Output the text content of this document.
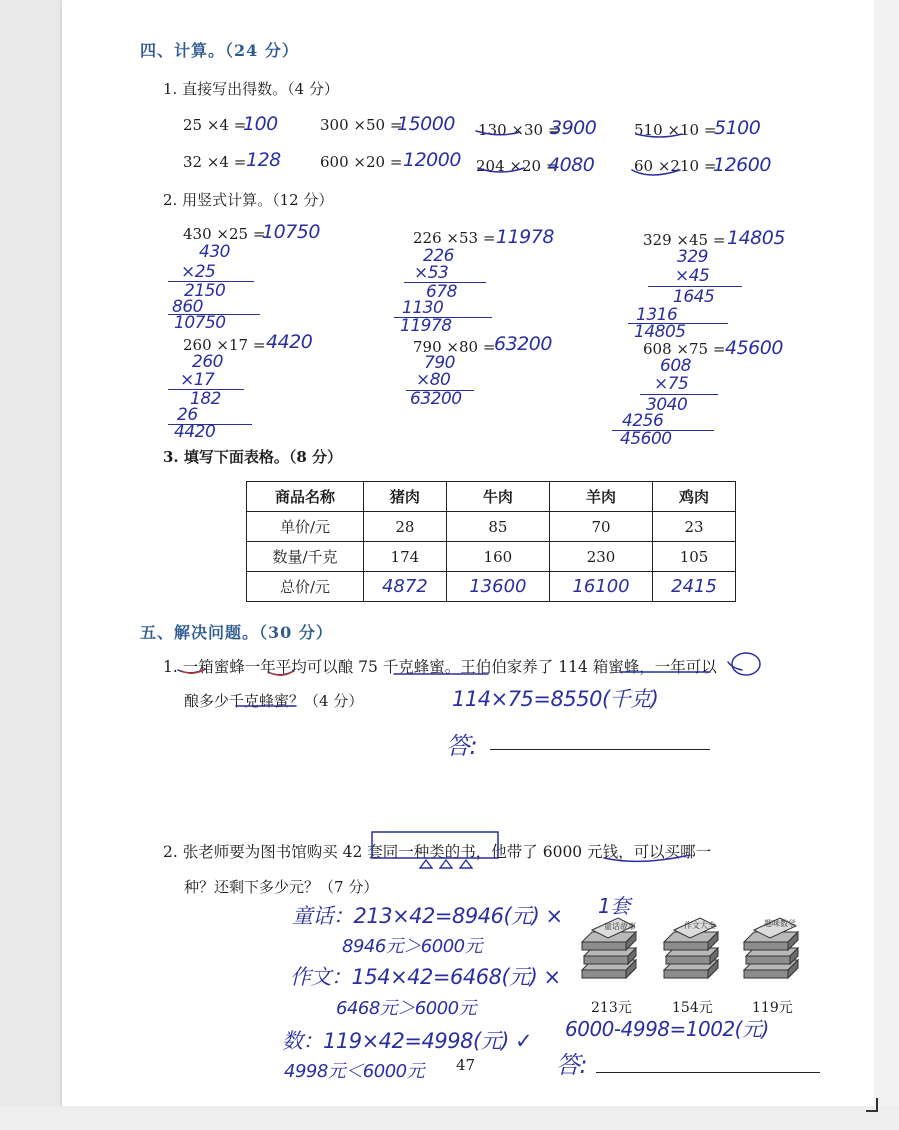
四、计算。（24 分）
1. 直接写出得数。（4 分）
25 ×4 =
100	300 ×50 =
15000 130 ×30 =
3900	510 ×10 =
5100
32 ×4 = 128	600 ×20 = 12000 204 ×20 =
4080	60 ×210 =
12600
2. 用竖式计算。（12 分）
430 ×25 =
10750
430
×25
2150
860
10750
226 ×53 = 11978
226
×53
678
1130
11978
329 ×45 = 14805
329
×45
1645
1316
14805
260 ×17 = 4420
260
×17
182
26
4420
790 ×80 =
63200
790
×80
63200
608 ×75 = 45600
608
×75
3040
4256
45600
3. 填写下面表格。（8 分）
商品名称	猪肉	牛肉	羊肉	鸡肉
单价/元	28	85	70	23
数量/千克	174	160	230	105
总价/元	4872	13600	16100	2415
五、解决问题。（30 分）
1. 一箱蜜蜂一年平均可以酿 75 千克蜂蜜。王伯伯家养了 114 箱蜜蜂，一年可以
酿多少千克蜂蜜？（4 分）	114×75=8550(千克)
答:
2. 张老师要为图书馆购买 42 套同一种类的书，他带了 6000 元钱，可以买哪一
种？还剩下多少元？（7 分）
童话：213×42=8946(元) ×
8946元＞6000元
作文：154×42=6468(元) ×
6468元＞6000元
数：119×42=4998(元) ✓
4998元＜6000元 47
1套
童话故事
213元
作文大全
154元
趣味数学
119元
6000-4998=1002(元)
答:
